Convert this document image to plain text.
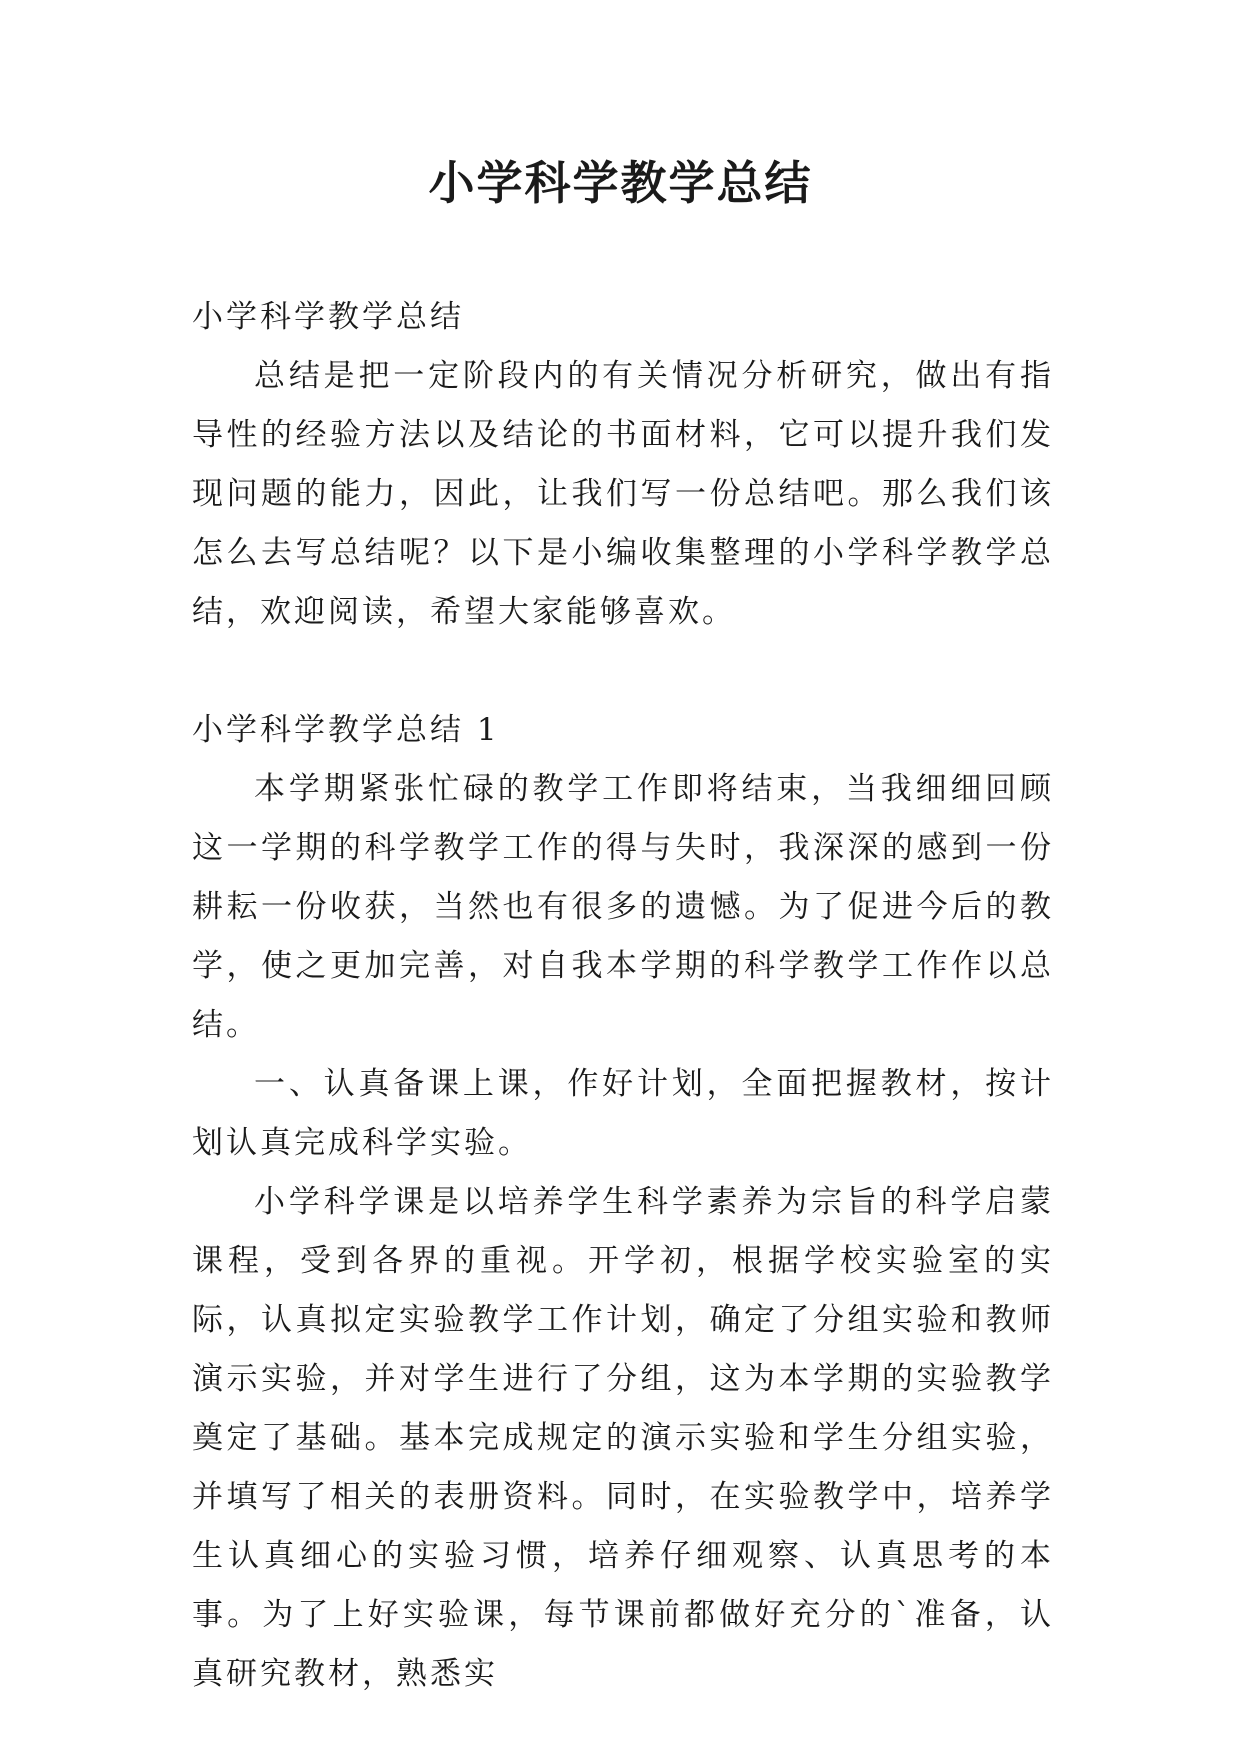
小学科学教学总结

小学科学教学总结

总结是把一定阶段内的有关情况分析研究，做出有指导性的经验方法以及结论的书面材料，它可以提升我们发现问题的能力，因此，让我们写一份总结吧。那么我们该怎么去写总结呢？以下是小编收集整理的小学科学教学总结，欢迎阅读，希望大家能够喜欢。

小学科学教学总结 1

本学期紧张忙碌的教学工作即将结束，当我细细回顾这一学期的科学教学工作的得与失时，我深深的感到一份耕耘一份收获，当然也有很多的遗憾。为了促进今后的教学，使之更加完善，对自我本学期的科学教学工作作以总结。

一、认真备课上课，作好计划，全面把握教材，按计划认真完成科学实验。

小学科学课是以培养学生科学素养为宗旨的科学启蒙课程，受到各界的重视。开学初，根据学校实验室的实际，认真拟定实验教学工作计划，确定了分组实验和教师演示实验，并对学生进行了分组，这为本学期的实验教学奠定了基础。基本完成规定的演示实验和学生分组实验，并填写了相关的表册资料。同时，在实验教学中，培养学生认真细心的实验习惯，培养仔细观察、认真思考的本事。为了上好实验课，每节课前都做好充分的`准备，认真研究教材，熟悉实
